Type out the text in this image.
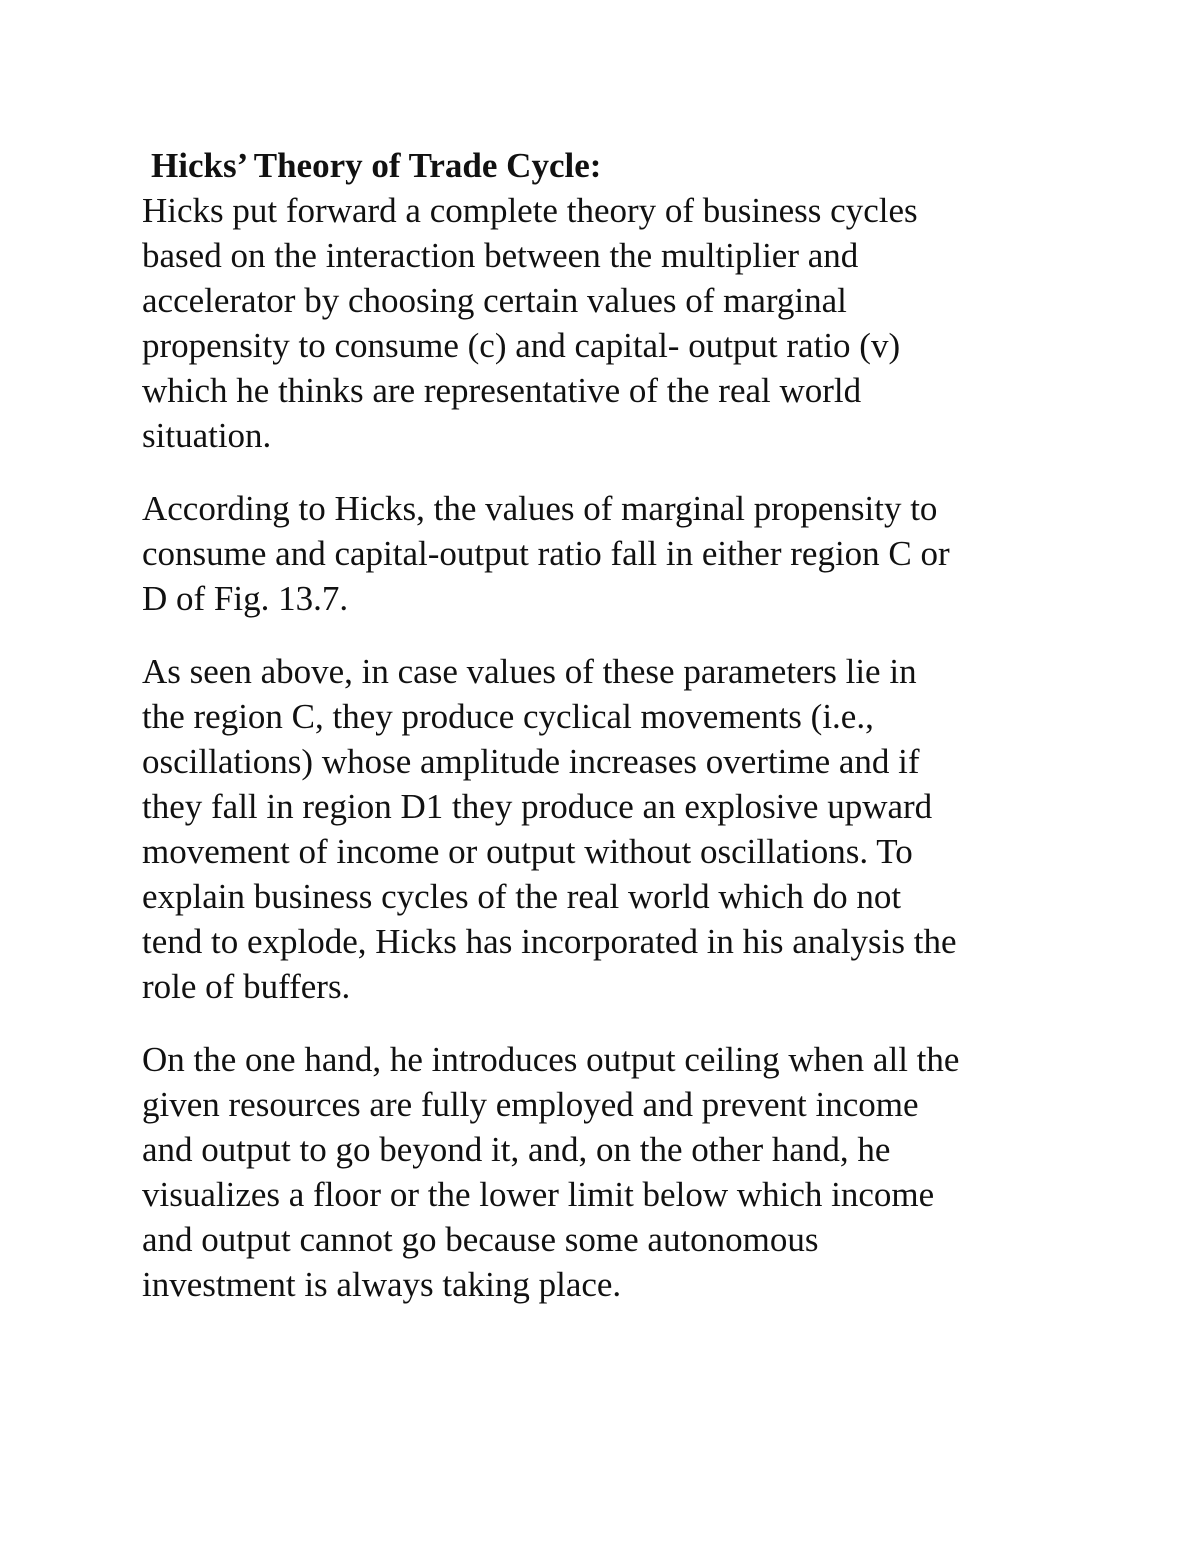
Hicks’ Theory of Trade Cycle:

Hicks put forward a complete theory of business cycles
based on the interaction between the multiplier and
accelerator by choosing certain values of marginal
propensity to consume (c) and capital- output ratio (v)
which he thinks are representative of the real world
situation.

According to Hicks, the values of marginal propensity to
consume and capital-output ratio fall in either region C or
D of Fig. 13.7.

As seen above, in case values of these parameters lie in
the region C, they produce cyclical movements (i.e.,
oscillations) whose amplitude increases overtime and if
they fall in region D1 they produce an explosive upward
movement of income or output without oscillations. To
explain business cycles of the real world which do not
tend to explode, Hicks has incorporated in his analysis the
role of buffers.

On the one hand, he introduces output ceiling when all the
given resources are fully employed and prevent income
and output to go beyond it, and, on the other hand, he
visualizes a floor or the lower limit below which income
and output cannot go because some autonomous
investment is always taking place.
